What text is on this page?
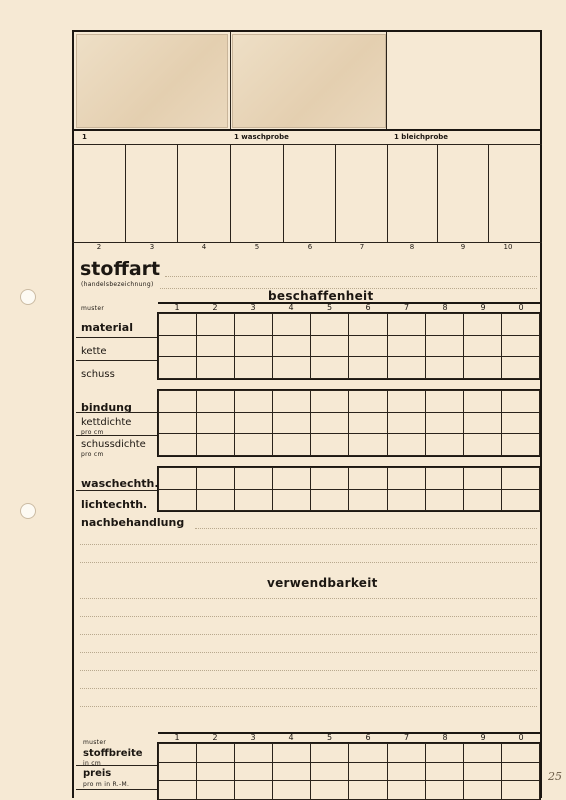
1	1 waschprobe	1 bleichprobe
2	3	4	5	6	7	8	9	10
stoffart
(handelsbezeichnung)
beschaffenheit
muster	1	2	3	4	5	6	7	8	9	0

material
kette
schuss

bindung
kettdichte
pro cm
schussdichte
pro cm

waschechth.
lichtechth.
nachbehandlung
verwendbarkeit
muster
1	2	3	4	5	6	7	8	9	0

stoffbreite
in cm
preis
pro m in R.-M.
25
